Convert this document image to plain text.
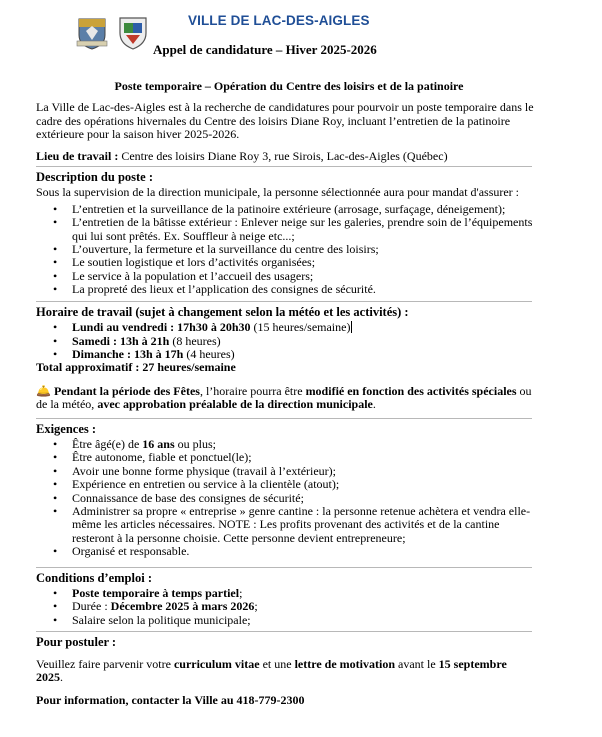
VILLE DE LAC-DES-AIGLES
Appel de candidature – Hiver 2025-2026

Poste temporaire – Opération du Centre des loisirs et de la patinoire

La Ville de Lac-des-Aigles est à la recherche de candidatures pour pourvoir un poste temporaire dans le cadre des opérations hivernales du Centre des loisirs Diane Roy, incluant l’entretien de la patinoire extérieure pour la saison hiver 2025-2026.

Lieu de travail : Centre des loisirs Diane Roy 3, rue Sirois, Lac-des-Aigles (Québec)

Description du poste :

Sous la supervision de la direction municipale, la personne sélectionnée aura pour mandat d'assurer :

• L’entretien et la surveillance de la patinoire extérieure (arrosage, surfaçage, déneigement);
• L’entretien de la bâtisse extérieur : Enlever neige sur les galeries, prendre soin de l’équipements qui lui sont prêtés. Ex. Souffleur à neige etc...;
• L’ouverture, la fermeture et la surveillance du centre des loisirs;
• Le soutien logistique et lors d’activités organisées;
• Le service à la population et l’accueil des usagers;
• La propreté des lieux et l’application des consignes de sécurité.

Horaire de travail (sujet à changement selon la météo et les activités) :

• Lundi au vendredi : 17h30 à 20h30 (15 heures/semaine)
• Samedi : 13h à 21h (8 heures)
• Dimanche : 13h à 17h (4 heures)

Total approximatif : 27 heures/semaine

🛎️ Pendant la période des Fêtes, l’horaire pourra être modifié en fonction des activités spéciales ou de la météo, avec approbation préalable de la direction municipale.

Exigences :

• Être âgé(e) de 16 ans ou plus;
• Être autonome, fiable et ponctuel(le);
• Avoir une bonne forme physique (travail à l’extérieur);
• Expérience en entretien ou service à la clientèle (atout);
• Connaissance de base des consignes de sécurité;
• Administrer sa propre « entreprise » genre cantine : la personne retenue achètera et vendra elle-même les articles nécessaires. NOTE : Les profits provenant des activités et de la cantine resteront à la personne choisie. Cette personne devient entrepreneure;
• Organisé et responsable.

Conditions d’emploi :

• Poste temporaire à temps partiel;
• Durée : Décembre 2025 à mars 2026;
• Salaire selon la politique municipale;

Pour postuler :

Veuillez faire parvenir votre curriculum vitae et une lettre de motivation avant le 15 septembre 2025.

Pour information, contacter la Ville au 418-779-2300
